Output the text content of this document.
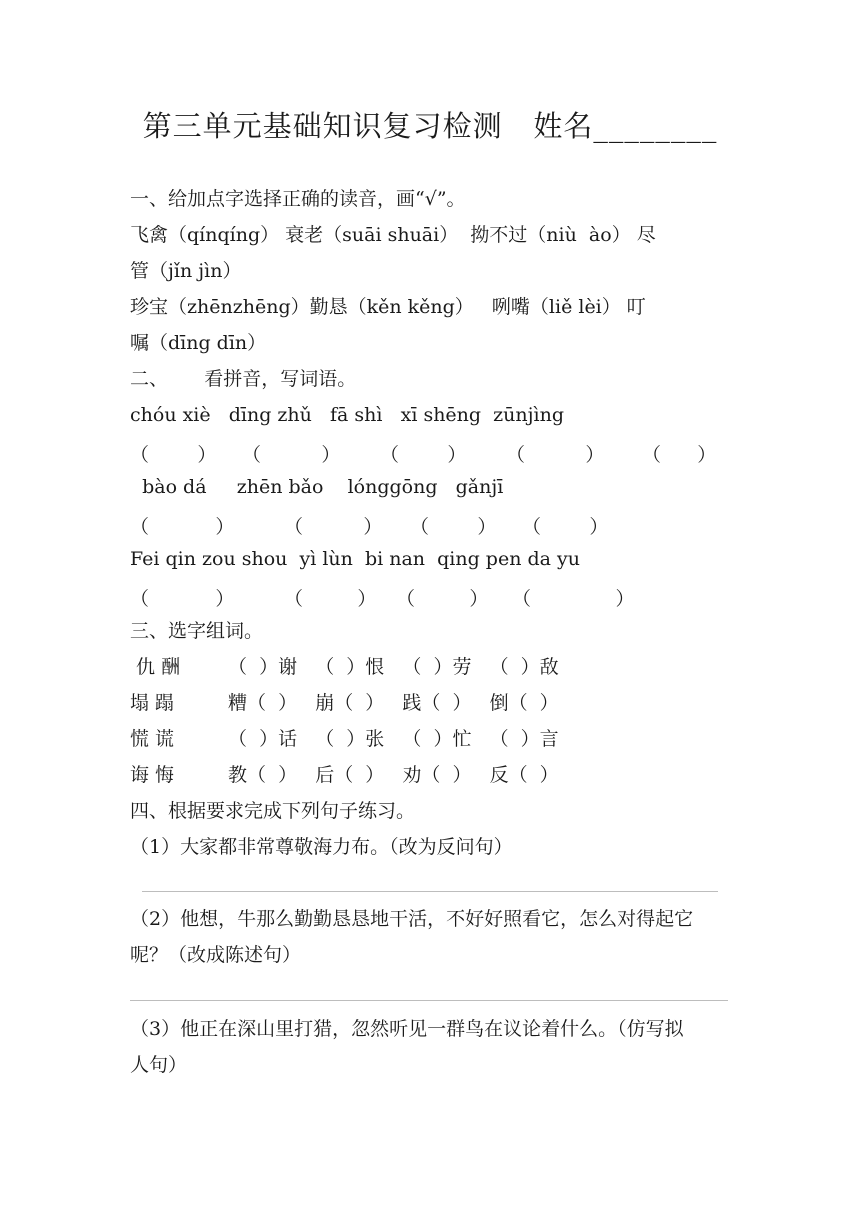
第三单元基础知识复习检测   姓名________
一、给加点字选择正确的读音，画“√”。
飞禽（qínqíng） 衰老（suāi shuāi）  拗不过（niù  ào） 尽
管（jǐn jìn）
珍宝（zhēnzhēng）勤恳（kěn kěng）   咧嘴（liě lèi） 叮
嘱（dīng dīn）
二、      看拼音，写词语。
chóu xiè   dīng zhǔ   fā shì   xī shēng  zūnjìng
（        ） （          ） （        ） （          ） （      ）
bào dá     zhēn bǎo    lónggōng   gǎnjī
（           ）	（          ） （        ） （        ）
Fei qin zou shou  yì lùn  bi nan  qing pen da yu
（           ）	（         ） （         ） （              ）
三、选字组词。
仇 酬	（  ）谢   （  ）恨   （  ）劳   （  ）敌
塌 蹋	糟（  ）   崩（  ）   践（  ）   倒（  ）
慌 谎	（  ）话   （  ）张   （  ）忙   （  ）言
诲 悔	教（  ）   后（  ）   劝（  ）   反（  ）
四、根据要求完成下列句子练习。
（1）大家都非常尊敬海力布。（改为反问句）
（2）他想，牛那么勤勤恳恳地干活，不好好照看它，怎么对得起它
呢？（改成陈述句）
（3）他正在深山里打猎，忽然听见一群鸟在议论着什么。（仿写拟
人句）
